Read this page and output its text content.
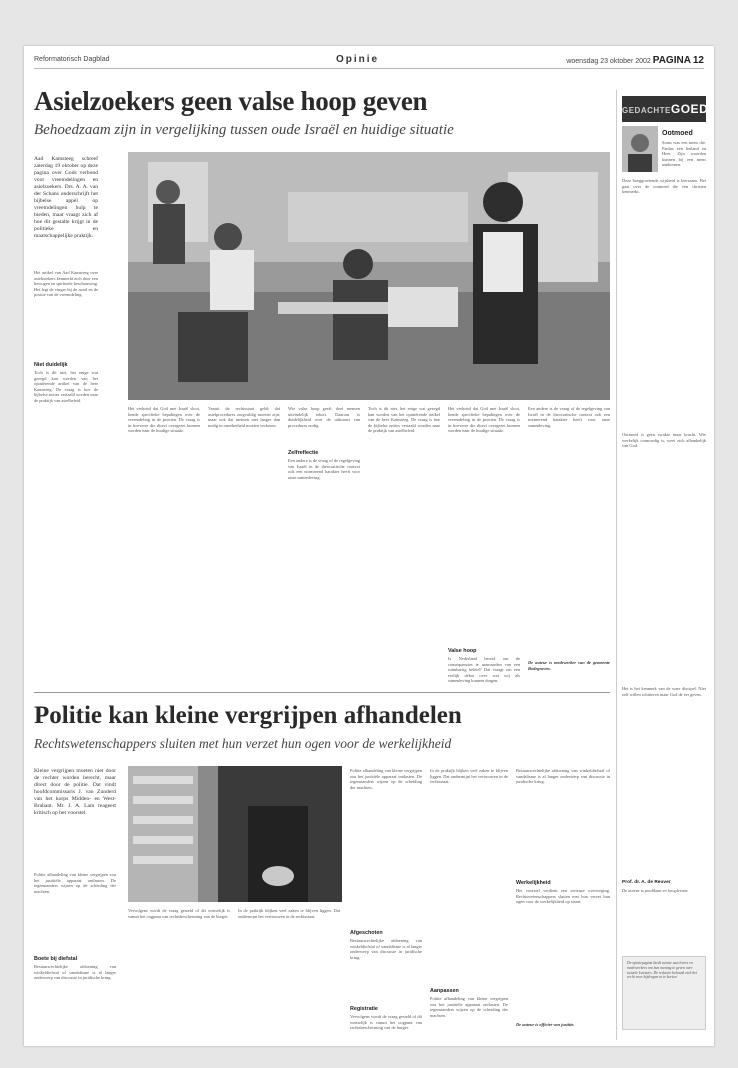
Reformatorisch Dagblad	Opinie	woensdag 23 oktober 2002 PAGINA 12
Asielzoekers geen valse hoop geven
Behoedzaam zijn in vergelijking tussen oude Israël en huidige situatie
Aad Kamsteeg schreef zaterdag 19 oktober op deze pagina over Gods verbond voor vreemdelingen en asielzoekers. Drs. A. A. van der Schans onderschrijft het bijbelse appèl op vreemdelingen hulp te bieden, maar vraagt zich af hoe dit gestalte krijgt in de politieke en maatschappelijke praktijk.
Het artikel van Aad Kamsteeg over asielzoekers kenmerkt zich door een bewogen en spirituele beschouwing. Het legt de vinger bij de nood en de positie van de vreemdeling.
Niet duidelijk
Toch is dit niet, het enige wat gezegd kan worden van het opiniërende artikel van de heer Kamsteeg. De vraag is hoe de bijbelse noties vertaald worden naar de praktijk van asielbeleid.
Het verbond dat God met Israël sloot, kende specifieke bepalingen over de vreemdeling in de poorten. De vraag is in hoeverre die direct overgezet kunnen worden naar de huidige situatie.
Vanuit de rechtsstaat geldt dat asielprocedures zorgvuldig moeten zijn, maar ook dat mensen niet langer dan nodig in onzekerheid moeten verkeren.
Wie valse hoop geeft, doet mensen uiteindelijk tekort. Daarom is duidelijkheid over de uitkomst van procedures nodig.
Zelfreflectie
Een andere is de vraag of de regelgeving van Israël in de theocratische context ook een normerend karakter heeft voor onze samenleving.
Toch is dit niet, het enige wat gezegd kan worden van het opiniërende artikel van de heer Kamsteeg. De vraag is hoe de bijbelse noties vertaald worden naar de praktijk van asielbeleid.
Het verbond dat God met Israël sloot, kende specifieke bepalingen over de vreemdeling in de poorten. De vraag is in hoeverre die direct overgezet kunnen worden naar de huidige situatie.
Valse hoop
Is Nederland bereid om de consequenties te aanvaarden van een ruimhartig beleid? Dat vraagt om een eerlijk debat over wat wij als samenleving kunnen dragen.
Een andere is de vraag of de regelgeving van Israël in de theocratische context ook een normerend karakter heeft voor onze samenleving.
De auteur is medewerker van de gemeente Bodegraven.
Politie kan kleine vergrijpen afhandelen
Rechtswetenschappers sluiten met hun verzet hun ogen voor de werkelijkheid
Kleine vergrijpen moeten niet door de rechter worden berecht, maar direct door de politie. Dat vindt hoofdcommissaris J. van Zunderd van het korps Midden- en West-Brabant. Mr. J. A. Lam reageert kritisch op het voorstel.
Politie afhandeling van kleine vergrijpen zou het justitiële apparaat ontlasten. De tegenstanders wijzen op de scheiding der machten.
Boete bij diefstal
Bestuursrechtelijke afdoening van winkeldiefstal of vandalisme is al langer onderwerp van discussie in juridische kring.
Vervolgens wordt de vraag gesteld of dit wenselijk is vanuit het oogpunt van rechtsbescherming van de burger.
In de praktijk blijken veel zaken te blijven liggen. Dat ondermijnt het vertrouwen in de rechtsstaat.
Politie afhandeling van kleine vergrijpen zou het justitiële apparaat ontlasten. De tegenstanders wijzen op de scheiding der machten.
Afgeschoten
Bestuursrechtelijke afdoening van winkeldiefstal of vandalisme is al langer onderwerp van discussie in juridische kring.
Registratie
Vervolgens wordt de vraag gesteld of dit wenselijk is vanuit het oogpunt van rechtsbescherming van de burger.
In de praktijk blijken veel zaken te blijven liggen. Dat ondermijnt het vertrouwen in de rechtsstaat.
Aanpassen
Politie afhandeling van kleine vergrijpen zou het justitiële apparaat ontlasten. De tegenstanders wijzen op de scheiding der machten.
Bestuursrechtelijke afdoening van winkeldiefstal of vandalisme is al langer onderwerp van discussie in juridische kring.
Werkelijkheid
Het voorstel verdient een serieuze overweging. Rechtswetenschappers sluiten met hun verzet hun ogen voor de werkelijkheid op straat.
De auteur is officier van justitie.
GEDACHTEGOED
Ootmoed
Soms was een mens die. Paulus een heiland en Heer. Zijn woorden kunnen bij een mens aankomen.
Deze boeggroeiende wijsheid is leerzaam. Het gaat over de ootmoed die een christen kenmerkt.
Ootmoed is geen zwakte maar kracht. Wie werkelijk ootmoedig is, weet zich afhankelijk van God.
Het is het kenmerk van de ware discipel. Niet zelf willen schitteren maar God de eer geven.
Prof. dr. A. de Reuver
De auteur is predikant en hoogleraar.
De opiniepagina biedt ruimte aan lezers en medewerkers om hun mening te geven over actuele kwesties. De redactie behoudt zich het recht voor bijdragen in te korten.
